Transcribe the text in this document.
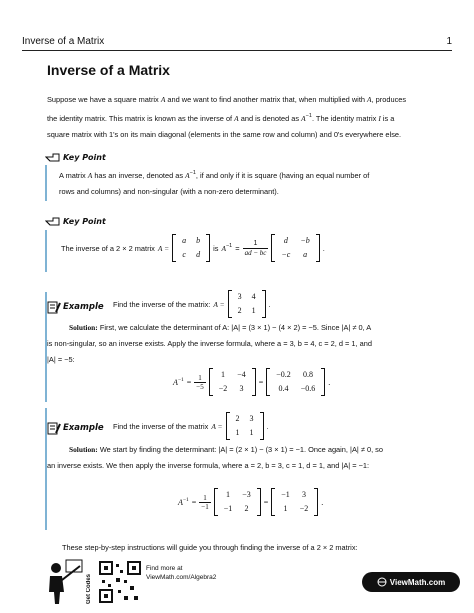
Inverse of a Matrix	1
Inverse of a Matrix
Suppose we have a square matrix A and we want to find another matrix that, when multiplied with A, produces
the identity matrix. This matrix is known as the inverse of A and is denoted as $A^{-1}$. The identity matrix I is a
square matrix with 1's on its main diagonal (elements in the same row and column) and 0's everywhere else.
Key Point
A matrix A has an inverse, denoted as $A^{-1}$, if and only if it is square (having an equal number of
rows and columns) and non-singular (with a non-zero determinant).
Key Point
The inverse of a 2 × 2 matrix A =
a	b
c	d
is $A^{-1} = \frac{1}{ad - bc}$ d	−b
−c	a
.
Example Find the inverse of the matrix: A =
3	4
2	1
.
Solution: First, we calculate the determinant of A: |A| = (3 × 1) − (4 × 2) = −5. Since |A| ≠ 0, A
is non-singular, so an inverse exists. Apply the inverse formula, where a = 3, b = 4, c = 2, d = 1, and
|A| = −5:
$A^{-1} = \frac{1}{-5} 1$	−4
−2	3
=
−0.2	0.8
0.4	−0.6
.
Example Find the inverse of the matrix A =
2	3
1	1
.
Solution: We start by finding the determinant: |A| = (2 × 1) − (3 × 1) = −1. Once again, |A| ≠ 0, so
an inverse exists. We then apply the inverse formula, where a = 2, b = 3, c = 1, d = 1, and |A| = −1:
$A^{-1} = \frac{1}{-1} 1$	−3
−1	2
=
−1	3
1	−2
.
These step-by-step instructions will guide you through finding the inverse of a 2 × 2 matrix:
Get Codes
Find more at
ViewMath.com/Algebra2	ViewMath.com
